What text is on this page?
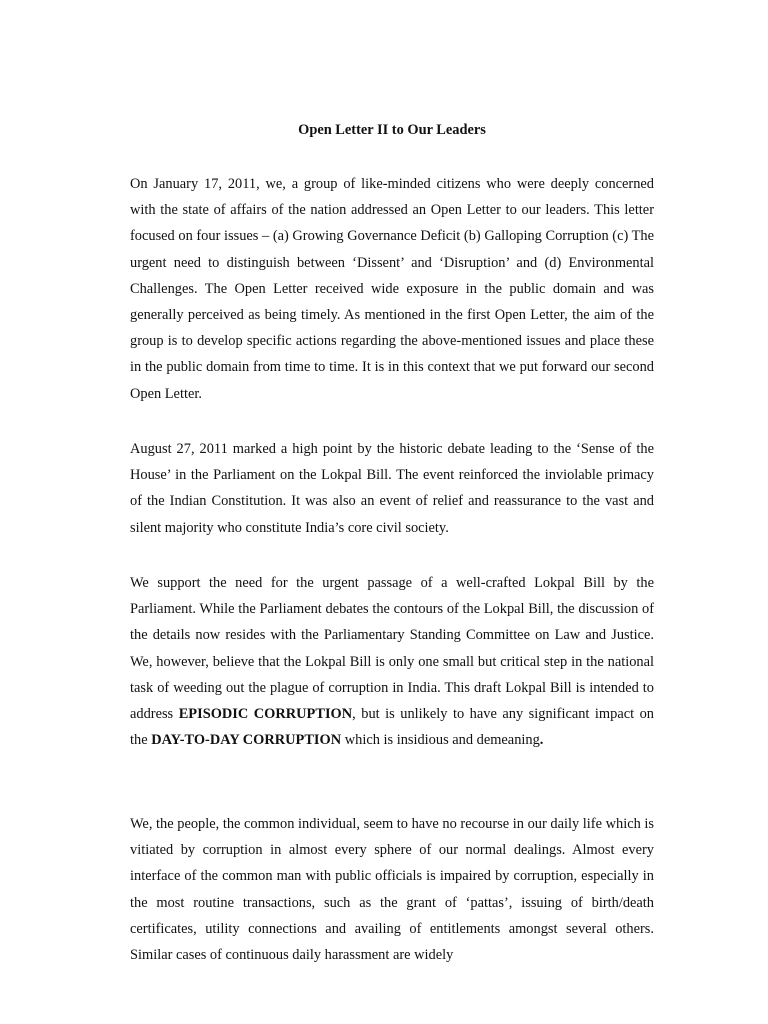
Open Letter II to Our Leaders

On January 17, 2011, we, a group of like-minded citizens who were deeply concerned with the state of affairs of the nation addressed an Open Letter to our leaders. This letter focused on four issues – (a) Growing Governance Deficit (b) Galloping Corruption (c) The urgent need to distinguish between ‘Dissent’ and ‘Disruption’ and (d) Environmental Challenges. The Open Letter received wide exposure in the public domain and was generally perceived as being timely. As mentioned in the first Open Letter, the aim of the group is to develop specific actions regarding the above-mentioned issues and place these in the public domain from time to time. It is in this context that we put forward our second Open Letter.

August 27, 2011 marked a high point by the historic debate leading to the ‘Sense of the House’ in the Parliament on the Lokpal Bill. The event reinforced the inviolable primacy of the Indian Constitution. It was also an event of relief and reassurance to the vast and silent majority who constitute India’s core civil society.

We support the need for the urgent passage of a well-crafted Lokpal Bill by the Parliament. While the Parliament debates the contours of the Lokpal Bill, the discussion of the details now resides with the Parliamentary Standing Committee on Law and Justice. We, however, believe that the Lokpal Bill is only one small but critical step in the national task of weeding out the plague of corruption in India. This draft Lokpal Bill is intended to address EPISODIC CORRUPTION, but is unlikely to have any significant impact on the DAY-TO-DAY CORRUPTION which is insidious and demeaning.

We, the people, the common individual, seem to have no recourse in our daily life which is vitiated by corruption in almost every sphere of our normal dealings. Almost every interface of the common man with public officials is impaired by corruption, especially in the most routine transactions, such as the grant of ‘pattas’, issuing of birth/death certificates, utility connections and availing of entitlements amongst several others. Similar cases of continuous daily harassment are widely
